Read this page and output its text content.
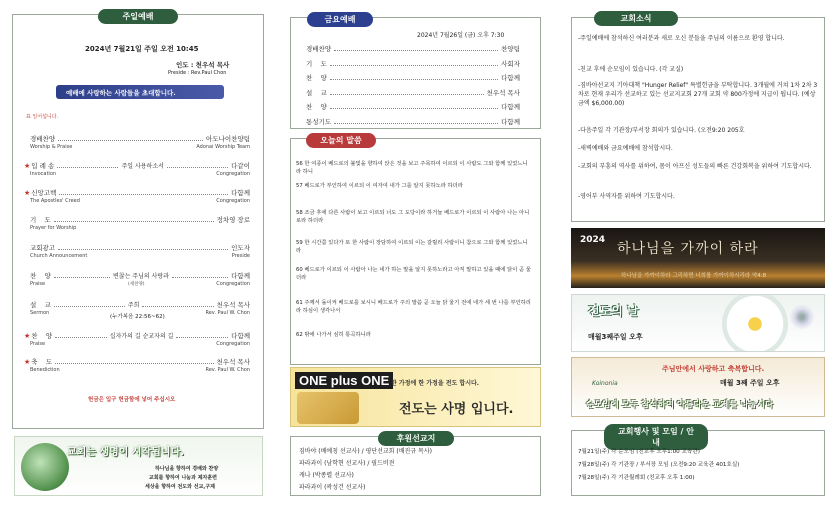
주일예배
2024년 7월21일 주일 오전 10:45
인도 : 천우석 목사
Preside : Rev.Paul Chon
예배에 사랑하는 사람들을 초대합니다.
표 일어섭니다.
경배찬양	아도나이찬양팀
Worship & Praise	Adonai Worship Team
★ 입 례 송	주일 사용하소서	다같이
Invocation	Congregation
★ 신앙고백	다함께
The Apostles' Creed	Congregation
기    도	정차영 장로
Prayer for Worship
교회광고	인도자
Church Announcement	Preside
찬    양	변찮는 주님의 사랑과	다함께
Praise	Congregation
설    교	주희	천우석 목사
Sermon	Rev. Paul W. Chon
★ 찬    양	십자가의 길 순교자의 길	다함께
Praise	Congregation
★ 축    도	천우석 목사
Benediction	Rev. Paul W. Chon
(새찬양)
(누가복음 22:56~62)
헌금은 입구 헌금함에 넣어 주십시오
교회는 생명이 시작됩니다.
하나님을 향하여 경배와 찬양
교회를 향하여 나눔과 제자훈련
세상을 향하여 전도와 선교,구제
금요예배
2024년 7월26일 (금) 오후 7:30
경배찬양	찬양팀
기    도	사회자
찬    양	다함께
설    교	천우석 목사
찬    양	다함께
통성기도	다함께
오늘의 말씀
56 한 여종이 베드로의 불빛을 향하여 앉은 것을 보고 주목하여 이르되 이 사람도 그와 함께 있었느니라 하니
57 베드로가 부인하여 이르되 이 여자여 내가 그를 알지 못하노라 하더라
58 조금 후에 다른 사람이 보고 이르되 너도 그 도당이라 하거늘 베드로가 이르되 이 사람아 나는 아니로라 하더라
59 한 시간쯤 있다가 또 한 사람이 장담하여 이르되 이는 갈릴리 사람이니 참으로 그와 함께 있었느니라
60 베드로가 이르되 이 사람아 나는 네가 하는 말을 알지 못하노라고 아직 말하고 있을 때에 닭이 곧 울더라
61 주께서 돌이켜 베드로를 보시니 베드로가 주의 말씀 곧 오늘 닭 울기 전에 네가 세 번 나를 부인하리라 하심이 생각나서
62 밖에 나가서 심히 통곡하니라
ONE plus ONE 한 가정에 한 가정을 전도 합시다.
전도는 사명 입니다.
후원선교지
짐바야 (베예칭 선교사) / 평단선교회 (배진규 목사)
파라과이 (남학현 선교사) / 필드비젼
캐나 (박종렬 선교사)
파라과이 (곽성건 선교사)
교회소식
-주일예배에 참석하신 여러분과 새로 오신 분들을 주님의 이름으로 환영 합니다.
-친교 후에 순모임이 있습니다. (각 교실)
-짐바아선교지 기아대책 "Hunger Relief" 특별헌금을 부탁합니다. 3개월에 거쳐 1차 2차 3차로 현재 우리가 선교하고 있는 선교지교회 27개 교회 약 800가정에 지급이 됩니다. (예상금액 $6,000.00)
-다음주일 각 기관장/부서장 회의가 있습니다. (오전9:20 205호
-새벽예배와 금요예배에 참석합시다.
-교회의 부흥의 역사를 위하여, 몸이 아프신 성도들의 빠른 건강회복을 위하여 기도합시다.
-영어부 사역자를 위하여 기도합시다.
2024
하나님을 가까이 하라
하나님을 가까이하라 그리하면 너희를 가까이하시리라 약4:8
전도의 날
매월3째주일 오후
주님안에서 사랑하고 축복합니다.
매월 3째 주일 오후
Koinonia
순모임에 모두 참석하여 아름다운 교제를 나눕시다
교회행사 및 모임 / 안내
7월21일(주) 각 순모임 (친교후 오후1:00 교육관)
7월28일(주) 각 기관장 / 부서장 모임 (오전9:20 교육관 401호실)
7월28일(주) 각 기관월례회 (친교후 오후 1:00)
